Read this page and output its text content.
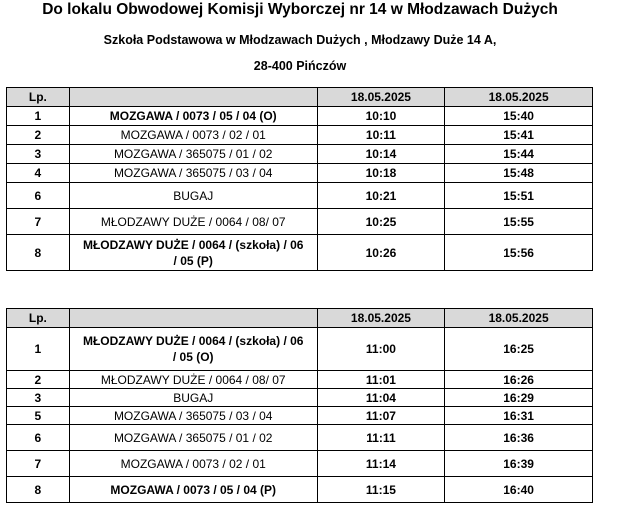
Do lokalu Obwodowej Komisji Wyborczej nr 14 w Młodzawach Dużych
Szkoła Podstawowa w Młodzawach Dużych , Młodzawy Duże 14 A,
28-400 Pińczów
Lp.		18.05.2025	18.05.2025
1	MOZGAWA / 0073 / 05 / 04 (O)	10:10	15:40
2	MOZGAWA / 0073 / 02 / 01	10:11	15:41
3	MOZGAWA / 365075 / 01 / 02	10:14	15:44
4	MOZGAWA / 365075 / 03 / 04	10:18	15:48
6	BUGAJ	10:21	15:51
7	MŁODZAWY DUŻE / 0064 / 08/ 07	10:25	15:55
8	MŁODZAWY DUŻE / 0064 / (szkoła) / 06 / 05 (P)	10:26	15:56
Lp.		18.05.2025	18.05.2025
1	MŁODZAWY DUŻE / 0064 / (szkoła) / 06 / 05 (O)	11:00	16:25
2	MŁODZAWY DUŻE / 0064 / 08/ 07	11:01	16:26
3	BUGAJ	11:04	16:29
5	MOZGAWA / 365075 / 03 / 04	11:07	16:31
6	MOZGAWA / 365075 / 01 / 02	11:11	16:36
7	MOZGAWA / 0073 / 02 / 01	11:14	16:39
8	MOZGAWA / 0073 / 05 / 04 (P)	11:15	16:40
